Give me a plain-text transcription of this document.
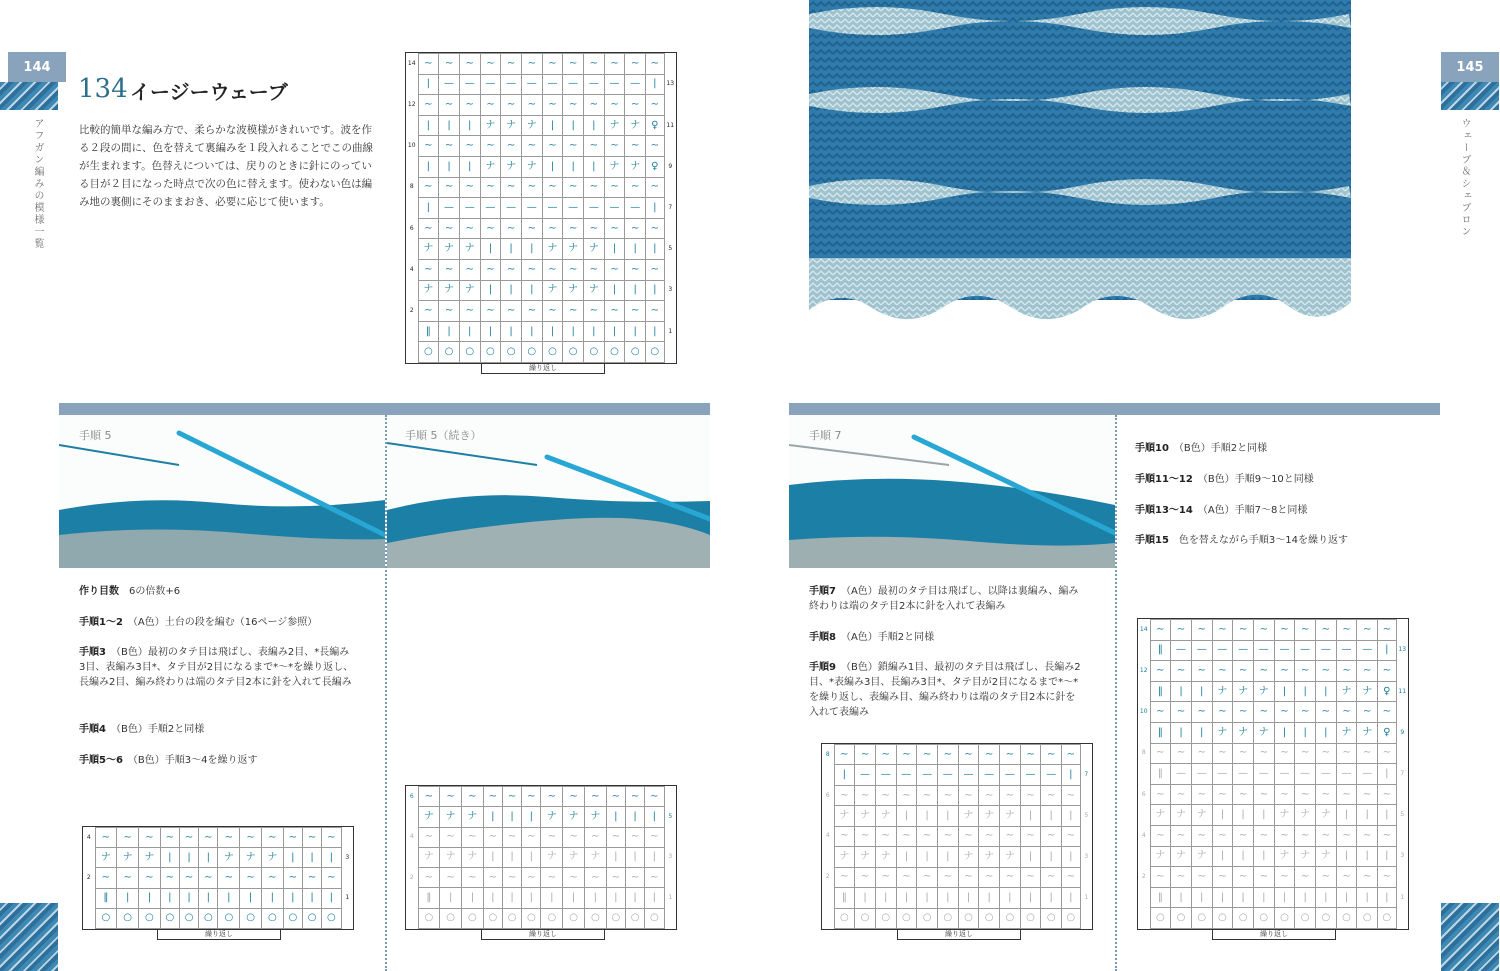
144
アフガン編みの模様一覧
145
ウェーブ＆シェブロン
134 イージーウェーブ
比較的簡単な編み方で、柔らかな波模様がきれいです。波を作る２段の間に、色を替えて裏編みを１段入れることでこの曲線が生まれます。色替えについては、戻りのときに針にのっている目が２目になった時点で次の色に替えます。使わない色は編み地の裏側にそのままおき、必要に応じて使います。
14	∼	∼	∼	∼	∼	∼	∼	∼	∼	∼	∼	∼	
	|	—	—	—	—	—	—	—	—	—	—	|	13
12	∼	∼	∼	∼	∼	∼	∼	∼	∼	∼	∼	∼	
	|	|	|	ナ	ナ	ナ	|	|	|	ナ	ナ	♀	11
10	∼	∼	∼	∼	∼	∼	∼	∼	∼	∼	∼	∼	
	|	|	|	ナ	ナ	ナ	|	|	|	ナ	ナ	♀	9
8	∼	∼	∼	∼	∼	∼	∼	∼	∼	∼	∼	∼	
	|	—	—	—	—	—	—	—	—	—	—	|	7
6	∼	∼	∼	∼	∼	∼	∼	∼	∼	∼	∼	∼	
	ナ	ナ	ナ	|	|	|	ナ	ナ	ナ	|	|	|	5
4	∼	∼	∼	∼	∼	∼	∼	∼	∼	∼	∼	∼	
	ナ	ナ	ナ	|	|	|	ナ	ナ	ナ	|	|	|	3
2	∼	∼	∼	∼	∼	∼	∼	∼	∼	∼	∼	∼	
	‖	|	|	|	|	|	|	|	|	|	|	|	1
	○	○	○	○	○	○	○	○	○	○	○	○	
繰り返し
手順 5	手順 5（続き）	手順 7
作り目数　 6の倍数+6
手順1～2　 （A色）土台の段を編む（16ページ参照）
手順3　 （B色）最初のタテ目は飛ばし、表編み2目、*長編み3目、表編み3目*、タテ目が2目になるまで*～*を繰り返し、長編み2目、編み終わりは端のタテ目2本に針を入れて長編み
手順4　 （B色）手順2と同様
手順5～6　 （B色）手順3～4を繰り返す
手順7　 （A色）最初のタテ目は飛ばし、以降は裏編み、編み終わりは端のタテ目2本に針を入れて表編み
手順8　 （A色）手順2と同様
手順9　 （B色）鎖編み1目、最初のタテ目は飛ばし、長編み2目、*表編み3目、長編み3目*、タテ目が2目になるまで*～*を繰り返し、表編み目、編み終わりは端のタテ目2本に針を入れて表編み
手順10　 （B色）手順2と同様
手順11～12　 （B色）手順9～10と同様
手順13～14　 （A色）手順7～8と同様
手順15　 色を替えながら手順3～14を繰り返す
4	∼	∼	∼	∼	∼	∼	∼	∼	∼	∼	∼	∼	
	ナ	ナ	ナ	|	|	|	ナ	ナ	ナ	|	|	|	3
2	∼	∼	∼	∼	∼	∼	∼	∼	∼	∼	∼	∼	
	‖	|	|	|	|	|	|	|	|	|	|	|	1
	○	○	○	○	○	○	○	○	○	○	○	○	
繰り返し
6	∼	∼	∼	∼	∼	∼	∼	∼	∼	∼	∼	∼	
	ナ	ナ	ナ	|	|	|	ナ	ナ	ナ	|	|	|	5
4	∼	∼	∼	∼	∼	∼	∼	∼	∼	∼	∼	∼	
	ナ	ナ	ナ	|	|	|	ナ	ナ	ナ	|	|	|	3
2	∼	∼	∼	∼	∼	∼	∼	∼	∼	∼	∼	∼	
	‖	|	|	|	|	|	|	|	|	|	|	|	1
	○	○	○	○	○	○	○	○	○	○	○	○	
繰り返し
8	∼	∼	∼	∼	∼	∼	∼	∼	∼	∼	∼	∼	
	|	—	—	—	—	—	—	—	—	—	—	|	7
6	∼	∼	∼	∼	∼	∼	∼	∼	∼	∼	∼	∼	
	ナ	ナ	ナ	|	|	|	ナ	ナ	ナ	|	|	|	5
4	∼	∼	∼	∼	∼	∼	∼	∼	∼	∼	∼	∼	
	ナ	ナ	ナ	|	|	|	ナ	ナ	ナ	|	|	|	3
2	∼	∼	∼	∼	∼	∼	∼	∼	∼	∼	∼	∼	
	‖	|	|	|	|	|	|	|	|	|	|	|	1
	○	○	○	○	○	○	○	○	○	○	○	○	
繰り返し
14	∼	∼	∼	∼	∼	∼	∼	∼	∼	∼	∼	∼	
	‖	—	—	—	—	—	—	—	—	—	—	|	13
12	∼	∼	∼	∼	∼	∼	∼	∼	∼	∼	∼	∼	
	‖	|	|	ナ	ナ	ナ	|	|	|	ナ	ナ	♀	11
10	∼	∼	∼	∼	∼	∼	∼	∼	∼	∼	∼	∼	
	‖	|	|	ナ	ナ	ナ	|	|	|	ナ	ナ	♀	9
8	∼	∼	∼	∼	∼	∼	∼	∼	∼	∼	∼	∼	
	‖	—	—	—	—	—	—	—	—	—	—	|	7
6	∼	∼	∼	∼	∼	∼	∼	∼	∼	∼	∼	∼	
	ナ	ナ	ナ	|	|	|	ナ	ナ	ナ	|	|	|	5
4	∼	∼	∼	∼	∼	∼	∼	∼	∼	∼	∼	∼	
	ナ	ナ	ナ	|	|	|	ナ	ナ	ナ	|	|	|	3
2	∼	∼	∼	∼	∼	∼	∼	∼	∼	∼	∼	∼	
	‖	|	|	|	|	|	|	|	|	|	|	|	1
	○	○	○	○	○	○	○	○	○	○	○	○	
繰り返し
